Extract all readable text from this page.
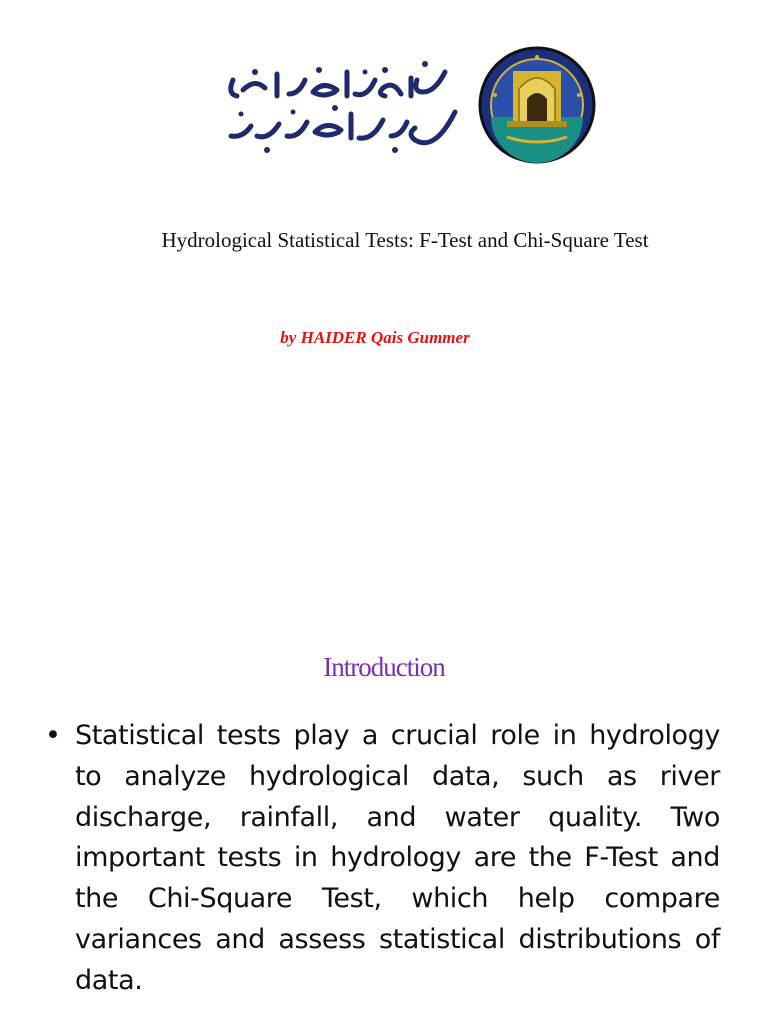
Hydrological Statistical Tests: F-Test and Chi-Square Test
by HAIDER Qais Gummer
Introduction
• Statistical tests play a crucial role in hydrology to analyze hydrological data, such as river discharge, rainfall, and water quality. Two important tests in hydrology are the F-Test and the Chi-Square Test, which help compare variances and assess statistical distributions of data.
